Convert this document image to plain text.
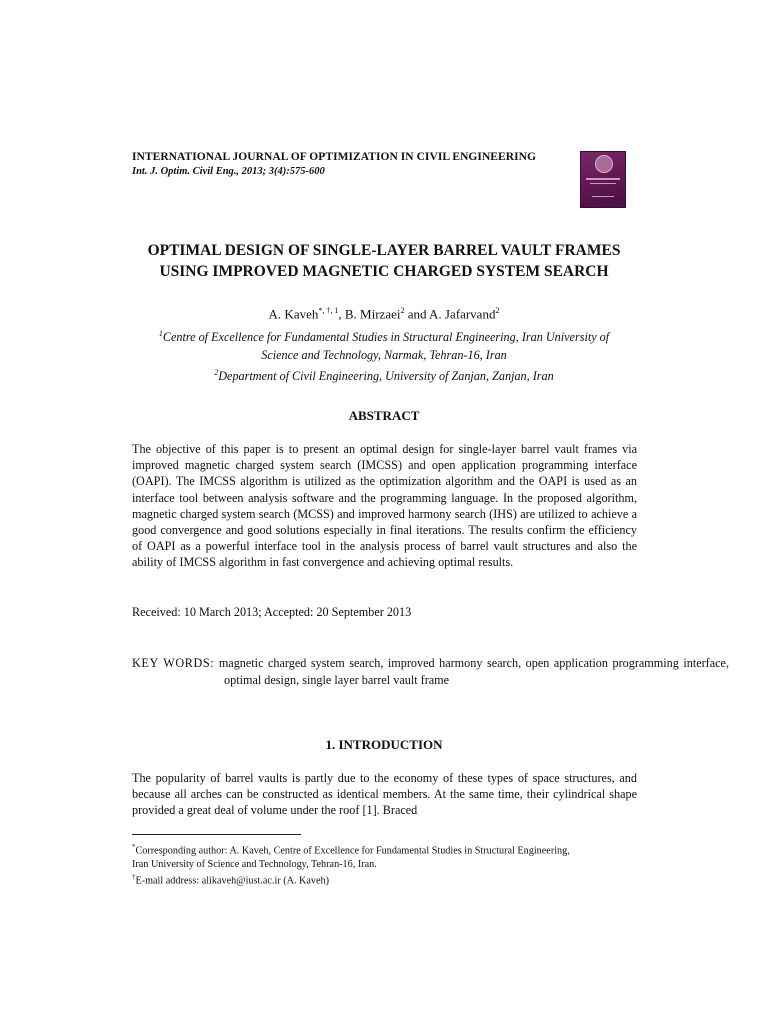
INTERNATIONAL JOURNAL OF OPTIMIZATION IN CIVIL ENGINEERING
Int. J. Optim. Civil Eng., 2013; 3(4):575-600
OPTIMAL DESIGN OF SINGLE-LAYER BARREL VAULT FRAMES
USING IMPROVED MAGNETIC CHARGED SYSTEM SEARCH
A. Kaveh$^{*, \dagger, 1}$, B. Mirzaei$^2$ and A. Jafarvand$^2$
$^1$Centre of Excellence for Fundamental Studies in Structural Engineering, Iran University of
Science and Technology, Narmak, Tehran-16, Iran
$^2$Department of Civil Engineering, University of Zanjan, Zanjan, Iran
ABSTRACT
The objective of this paper is to present an optimal design for single-layer barrel vault frames via improved magnetic charged system search (IMCSS) and open application programming interface (OAPI). The IMCSS algorithm is utilized as the optimization algorithm and the OAPI is used as an interface tool between analysis software and the programming language. In the proposed algorithm, magnetic charged system search (MCSS) and improved harmony search (IHS) are utilized to achieve a good convergence and good solutions especially in final iterations. The results confirm the efficiency of OAPI as a powerful interface tool in the analysis process of barrel vault structures and also the ability of IMCSS algorithm in fast convergence and achieving optimal results.
Received: 10 March 2013; Accepted: 20 September 2013
KEY WORDS: magnetic charged system search, improved harmony search, open application programming interface, optimal design, single layer barrel vault frame
1. INTRODUCTION
The popularity of barrel vaults is partly due to the economy of these types of space structures, and because all arches can be constructed as identical members. At the same time, their cylindrical shape provided a great deal of volume under the roof [1]. Braced
*Corresponding author: A. Kaveh, Centre of Excellence for Fundamental Studies in Structural Engineering,
Iran University of Science and Technology, Tehran-16, Iran.
†E-mail address: alikaveh@iust.ac.ir (A. Kaveh)
